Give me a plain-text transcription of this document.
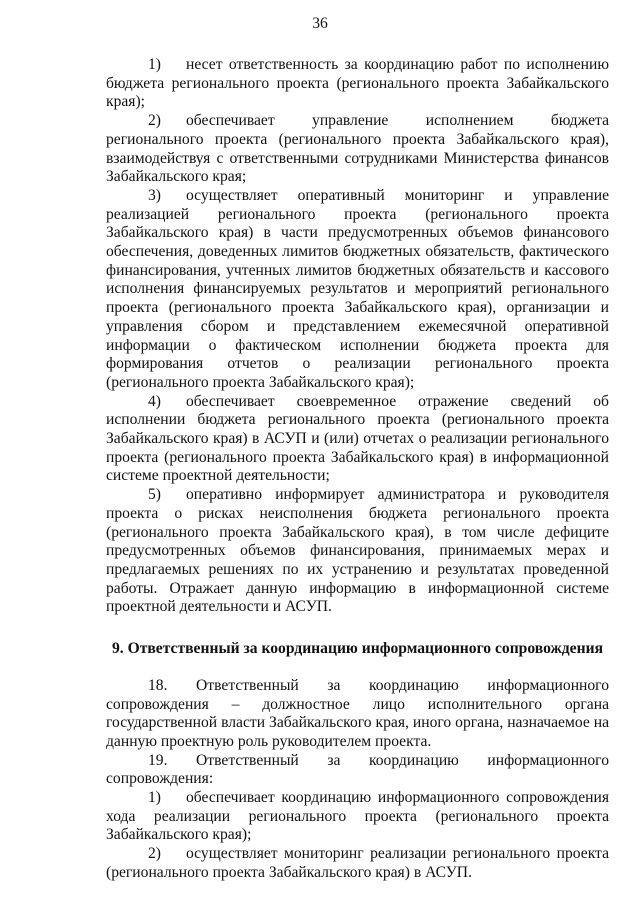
36

1) несет ответственность за координацию работ по исполнению бюджета регионального проекта (регионального проекта Забайкальского края);

2) обеспечивает управление исполнением бюджета регионального проекта (регионального проекта Забайкальского края), взаимодействуя с ответственными сотрудниками Министерства финансов Забайкальского края;

3) осуществляет оперативный мониторинг и управление реализацией регионального проекта (регионального проекта Забайкальского края) в части предусмотренных объемов финансового обеспечения, доведенных лимитов бюджетных обязательств, фактического финансирования, учтенных лимитов бюджетных обязательств и кассового исполнения финансируемых результатов и мероприятий регионального проекта (регионального проекта Забайкальского края), организации и управления сбором и представлением ежемесячной оперативной информации о фактическом исполнении бюджета проекта для формирования отчетов о реализации регионального проекта (регионального проекта Забайкальского края);

4) обеспечивает своевременное отражение сведений об исполнении бюджета регионального проекта (регионального проекта Забайкальского края) в АСУП и (или) отчетах о реализации регионального проекта (регионального проекта Забайкальского края) в информационной системе проектной деятельности;

5) оперативно информирует администратора и руководителя проекта о рисках неисполнения бюджета регионального проекта (регионального проекта Забайкальского края), в том числе дефиците предусмотренных объемов финансирования, принимаемых мерах и предлагаемых решениях по их устранению и результатах проведенной работы. Отражает данную информацию в информационной системе проектной деятельности и АСУП.

9. Ответственный за координацию информационного сопровождения

18. Ответственный за координацию информационного сопровождения – должностное лицо исполнительного органа государственной власти Забайкальского края, иного органа, назначаемое на данную проектную роль руководителем проекта.

19. Ответственный за координацию информационного сопровождения:

1) обеспечивает координацию информационного сопровождения хода реализации регионального проекта (регионального проекта Забайкальского края);

2) осуществляет мониторинг реализации регионального проекта (регионального проекта Забайкальского края) в АСУП.
